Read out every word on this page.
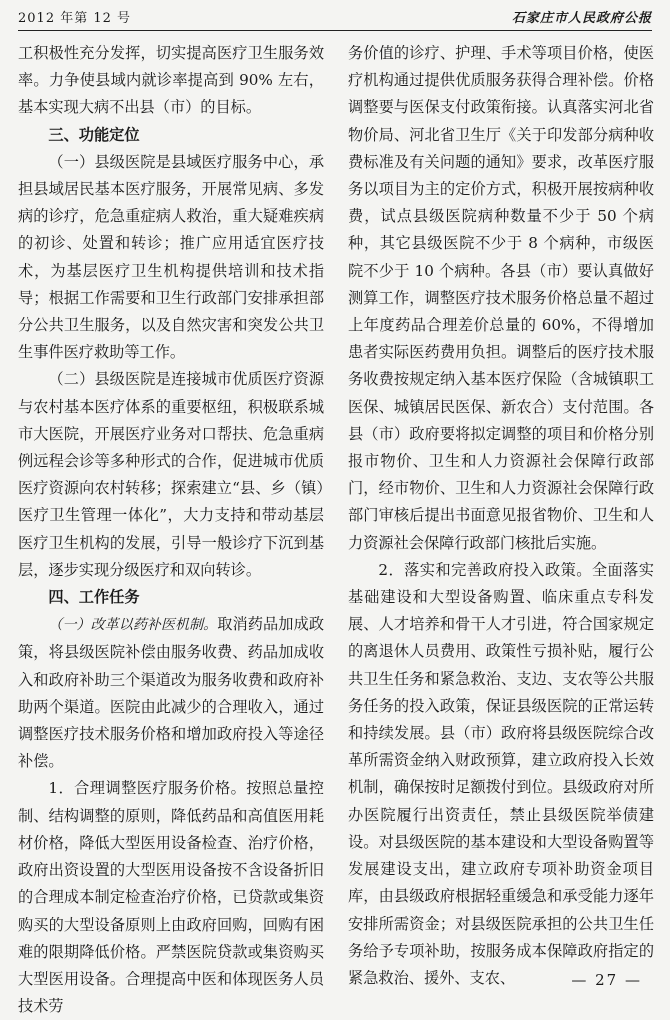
2012 年第 12 号	石家庄市人民政府公报

工积极性充分发挥，切实提高医疗卫生服务效率。力争使县域内就诊率提高到 90% 左右，基本实现大病不出县（市）的目标。

三、功能定位

（一）县级医院是县域医疗服务中心，承担县域居民基本医疗服务，开展常见病、多发病的诊疗，危急重症病人救治，重大疑难疾病的初诊、处置和转诊；推广应用适宜医疗技术，为基层医疗卫生机构提供培训和技术指导；根据工作需要和卫生行政部门安排承担部分公共卫生服务，以及自然灾害和突发公共卫生事件医疗救助等工作。

（二）县级医院是连接城市优质医疗资源与农村基本医疗体系的重要枢纽，积极联系城市大医院，开展医疗业务对口帮扶、危急重病例远程会诊等多种形式的合作，促进城市优质医疗资源向农村转移；探索建立“县、乡（镇）医疗卫生管理一体化”，大力支持和带动基层医疗卫生机构的发展，引导一般诊疗下沉到基层，逐步实现分级医疗和双向转诊。

四、工作任务

（一）改革以药补医机制。取消药品加成政策，将县级医院补偿由服务收费、药品加成收入和政府补助三个渠道改为服务收费和政府补助两个渠道。医院由此减少的合理收入，通过调整医疗技术服务价格和增加政府投入等途径补偿。

1．合理调整医疗服务价格。按照总量控制、结构调整的原则，降低药品和高值医用耗材价格，降低大型医用设备检查、治疗价格，政府出资设置的大型医用设备按不含设备折旧的合理成本制定检查治疗价格，已贷款或集资购买的大型设备原则上由政府回购，回购有困难的限期降低价格。严禁医院贷款或集资购买大型医用设备。合理提高中医和体现医务人员技术劳

务价值的诊疗、护理、手术等项目价格，使医疗机构通过提供优质服务获得合理补偿。价格调整要与医保支付政策衔接。认真落实河北省物价局、河北省卫生厅《关于印发部分病种收费标准及有关问题的通知》要求，改革医疗服务以项目为主的定价方式，积极开展按病种收费，试点县级医院病种数量不少于 50 个病种，其它县级医院不少于 8 个病种，市级医院不少于 10 个病种。各县（市）要认真做好测算工作，调整医疗技术服务价格总量不超过上年度药品合理差价总量的 60%，不得增加患者实际医药费用负担。调整后的医疗技术服务收费按规定纳入基本医疗保险（含城镇职工医保、城镇居民医保、新农合）支付范围。各县（市）政府要将拟定调整的项目和价格分别报市物价、卫生和人力资源社会保障行政部门，经市物价、卫生和人力资源社会保障行政部门审核后提出书面意见报省物价、卫生和人力资源社会保障行政部门核批后实施。

2．落实和完善政府投入政策。全面落实基础建设和大型设备购置、临床重点专科发展、人才培养和骨干人才引进，符合国家规定的离退休人员费用、政策性亏损补贴，履行公共卫生任务和紧急救治、支边、支农等公共服务任务的投入政策，保证县级医院的正常运转和持续发展。县（市）政府将县级医院综合改革所需资金纳入财政预算，建立政府投入长效机制，确保按时足额拨付到位。县级政府对所办医院履行出资责任，禁止县级医院举债建设。对县级医院的基本建设和大型设备购置等发展建设支出，建立政府专项补助资金项目库，由县级政府根据轻重缓急和承受能力逐年安排所需资金；对县级医院承担的公共卫生任务给予专项补助，按服务成本保障政府指定的紧急救治、援外、支农、	— 27 —
